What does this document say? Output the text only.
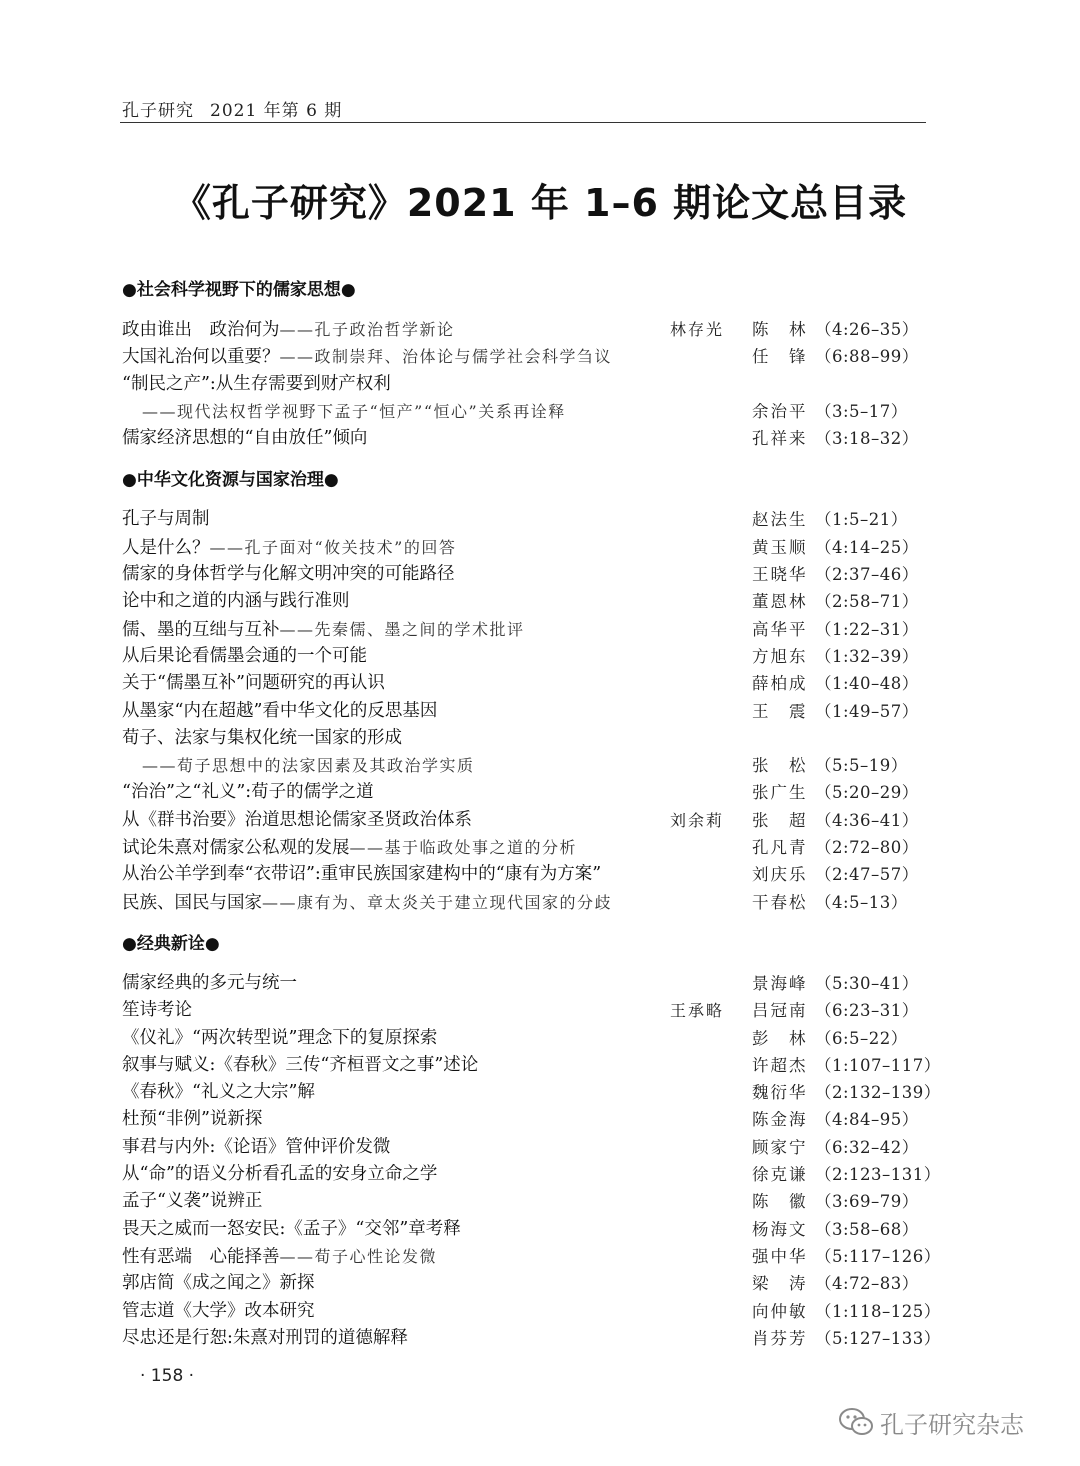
孔子研究 2021 年第 6 期
《孔子研究》2021 年 1–6 期论文总目录
●社会科学视野下的儒家思想●
政由谁出　政治何为——孔子政治哲学新论	林存光 陈　林 （4:26–35）
大国礼治何以重要？——政制崇拜、治体论与儒学社会科学刍议	任　锋 （6:88–99）
“制民之产”:从生存需要到财产权利
——现代法权哲学视野下孟子“恒产”“恒心”关系再诠释	余治平 （3:5–17）
儒家经济思想的“自由放任”倾向	孔祥来 （3:18–32）
●中华文化资源与国家治理●
孔子与周制	赵法生 （1:5–21）
人是什么？——孔子面对“攸关技术”的回答	黄玉顺 （4:14–25）
儒家的身体哲学与化解文明冲突的可能路径	王晓华 （2:37–46）
论中和之道的内涵与践行准则	董恩林 （2:58–71）
儒、墨的互绌与互补——先秦儒、墨之间的学术批评	高华平 （1:22–31）
从后果论看儒墨会通的一个可能	方旭东 （1:32–39）
关于“儒墨互补”问题研究的再认识	薛柏成 （1:40–48）
从墨家“内在超越”看中华文化的反思基因	王　震 （1:49–57）
荀子、法家与集权化统一国家的形成
——荀子思想中的法家因素及其政治学实质	张　松 （5:5–19）
“治治”之“礼义”:荀子的儒学之道	张广生 （5:20–29）
从《群书治要》治道思想论儒家圣贤政治体系	刘余莉 张　超 （4:36–41）
试论朱熹对儒家公私观的发展——基于临政处事之道的分析	孔凡青 （2:72–80）
从治公羊学到奉“衣带诏”:重审民族国家建构中的“康有为方案”	刘庆乐 （2:47–57）
民族、国民与国家——康有为、章太炎关于建立现代国家的分歧	干春松 （4:5–13）
●经典新诠●
儒家经典的多元与统一	景海峰 （5:30–41）
笙诗考论	王承略 吕冠南 （6:23–31）
《仪礼》“两次转型说”理念下的复原探索	彭　林 （6:5–22）
叙事与赋义:《春秋》三传“齐桓晋文之事”述论	许超杰 （1:107–117）
《春秋》“礼义之大宗”解	魏衍华 （2:132–139）
杜预“非例”说新探	陈金海 （4:84–95）
事君与内外:《论语》管仲评价发微	顾家宁 （6:32–42）
从“命”的语义分析看孔孟的安身立命之学	徐克谦 （2:123–131）
孟子“义袭”说辨正	陈　徽 （3:69–79）
畏天之威而一怒安民:《孟子》“交邻”章考释	杨海文 （3:58–68）
性有恶端　心能择善——荀子心性论发微	强中华 （5:117–126）
郭店简《成之闻之》新探	梁　涛 （4:72–83）
管志道《大学》改本研究	向仲敏 （1:118–125）
尽忠还是行恕:朱熹对刑罚的道德解释	肖芬芳 （5:127–133）
· 158 ·
孔子研究杂志
